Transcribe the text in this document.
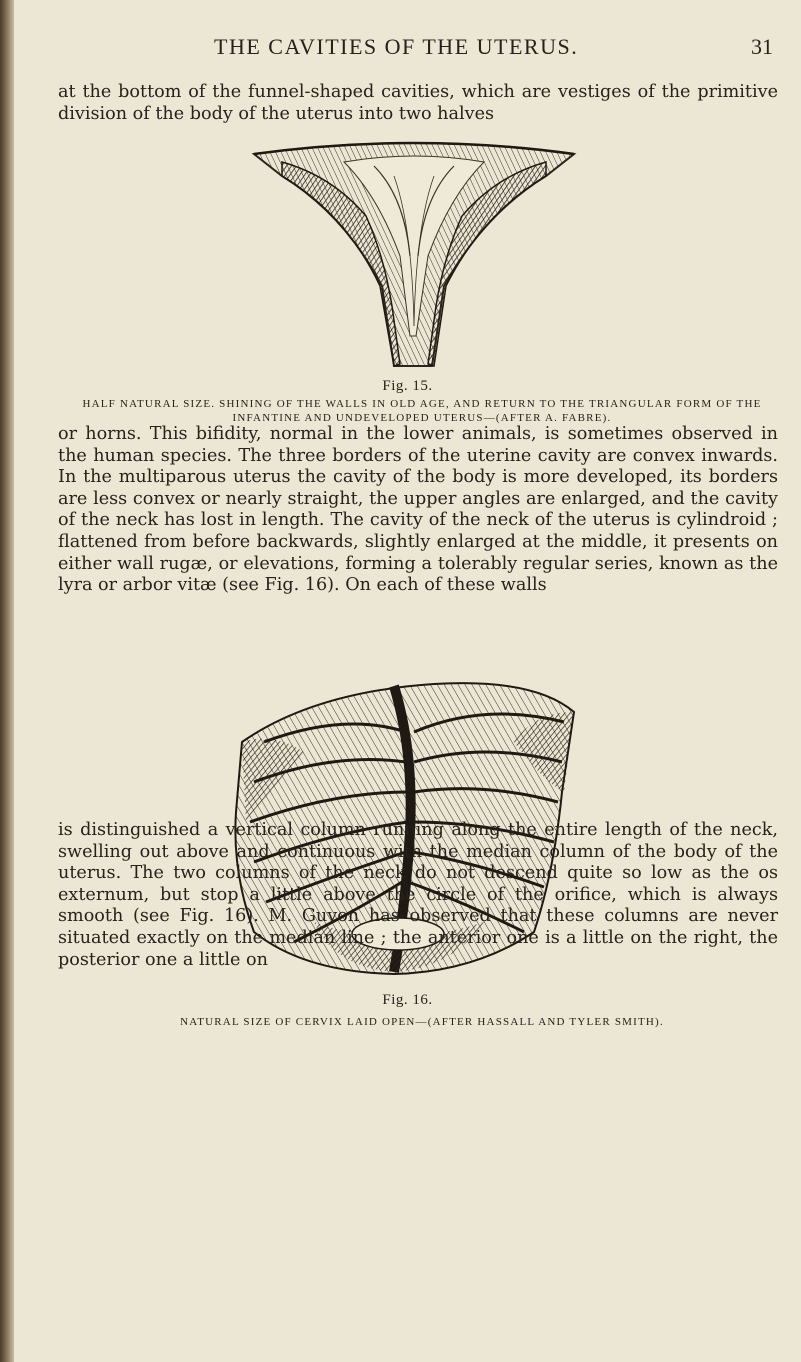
THE CAVITIES OF THE UTERUS.	31

at the bottom of the funnel-shaped cavities, which are vestiges of the primitive division of the body of the uterus into two halves

Fig. 15.

HALF NATURAL SIZE. SHINING OF THE WALLS IN OLD AGE, AND RETURN TO THE TRIANGULAR FORM OF THE INFANTINE AND UNDEVELOPED UTERUS—(AFTER A. FABRE).

or horns. This bifidity, normal in the lower animals, is sometimes observed in the human species. The three borders of the uterine cavity are convex inwards. In the multiparous uterus the cavity of the body is more developed, its borders are less convex or nearly straight, the upper angles are enlarged, and the cavity of the neck has lost in length. The cavity of the neck of the uterus is cylindroid ; flattened from before backwards, slightly enlarged at the middle, it presents on either wall rugæ, or elevations, forming a tolerably regular series, known as the lyra or arbor vitæ (see Fig. 16). On each of these walls

Fig. 16.

NATURAL SIZE OF CERVIX LAID OPEN—(AFTER HASSALL AND TYLER SMITH).

is distinguished a vertical column running along the entire length of the neck, swelling out above and continuous with the median column of the body of the uterus. The two columns of the neck do not descend quite so low as the os externum, but stop a little above the circle of the orifice, which is always smooth (see Fig. 16). M. Guyon has observed that these columns are never situated exactly on the median line ; the anterior one is a little on the right, the posterior one a little on
